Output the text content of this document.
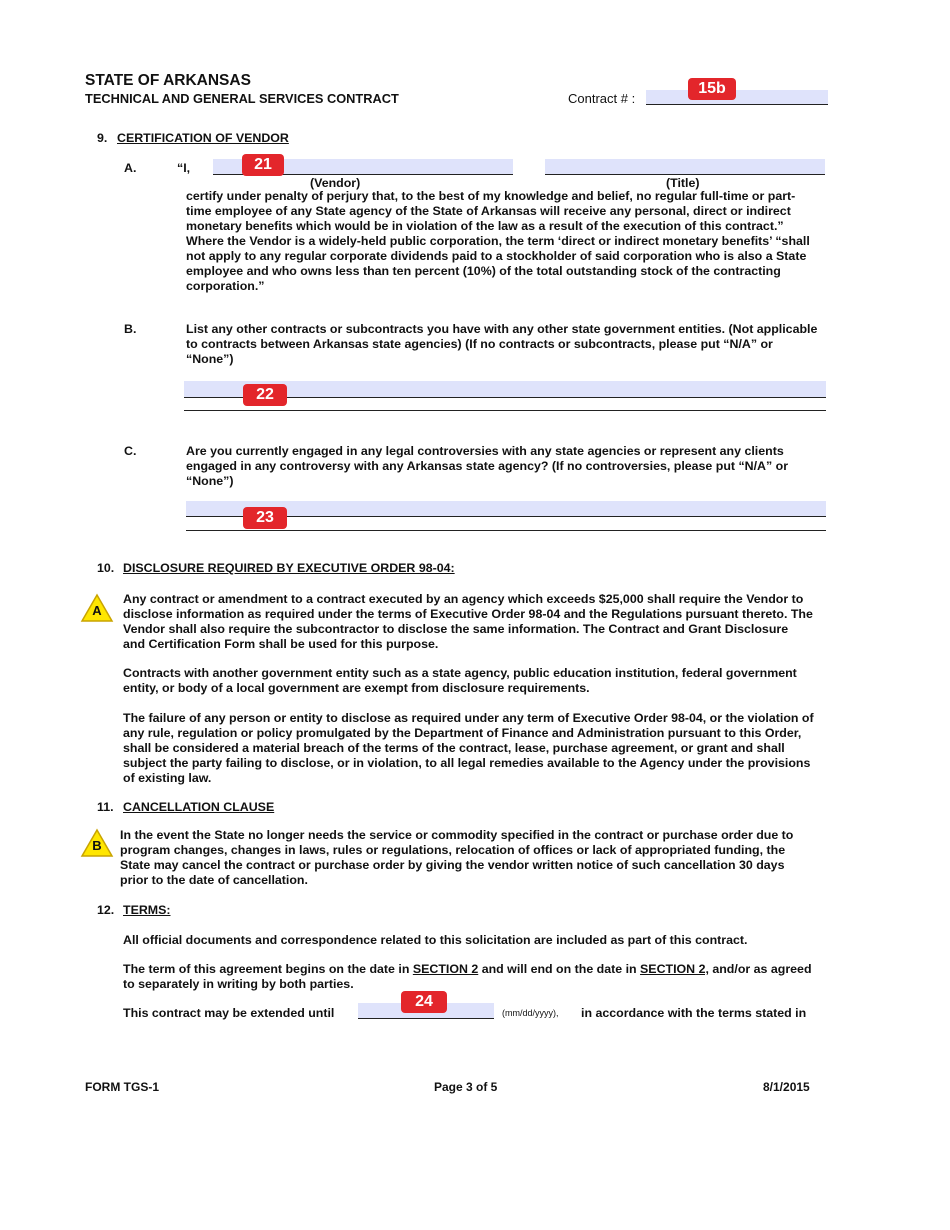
STATE OF ARKANSAS
TECHNICAL AND GENERAL SERVICES CONTRACT	Contract # :
15b
9. CERTIFICATION OF VENDOR
A.	“I,	21
(Vendor)	(Title)
certify under penalty of perjury that, to the best of my knowledge and belief, no regular full-time or part-
time employee of any State agency of the State of Arkansas will receive any personal, direct or indirect
monetary benefits which would be in violation of the law as a result of the execution of this contract.”
Where the Vendor is a widely-held public corporation, the term ‘direct or indirect monetary benefits’ “shall
not apply to any regular corporate dividends paid to a stockholder of said corporation who is also a State
employee and who owns less than ten percent (10%) of the total outstanding stock of the contracting
corporation.”
B.	List any other contracts or subcontracts you have with any other state government entities. (Not applicable
to contracts between Arkansas state agencies) (If no contracts or subcontracts, please put “N/A” or
“None”)
22
C.	Are you currently engaged in any legal controversies with any state agencies or represent any clients
engaged in any controversy with any Arkansas state agency? (If no controversies, please put “N/A” or
“None”)
23
10. DISCLOSURE REQUIRED BY EXECUTIVE ORDER 98-04:
A
Any contract or amendment to a contract executed by an agency which exceeds $25,000 shall require the Vendor to
disclose information as required under the terms of Executive Order 98-04 and the Regulations pursuant thereto. The
Vendor shall also require the subcontractor to disclose the same information. The Contract and Grant Disclosure
and Certification Form shall be used for this purpose.
Contracts with another government entity such as a state agency, public education institution, federal government
entity, or body of a local government are exempt from disclosure requirements.
The failure of any person or entity to disclose as required under any term of Executive Order 98-04, or the violation of
any rule, regulation or policy promulgated by the Department of Finance and Administration pursuant to this Order,
shall be considered a material breach of the terms of the contract, lease, purchase agreement, or grant and shall
subject the party failing to disclose, or in violation, to all legal remedies available to the Agency under the provisions
of existing law.
11. CANCELLATION CLAUSE
B
In the event the State no longer needs the service or commodity specified in the contract or purchase order due to
program changes, changes in laws, rules or regulations, relocation of offices or lack of appropriated funding, the
State may cancel the contract or purchase order by giving the vendor written notice of such cancellation 30 days
prior to the date of cancellation.
12. TERMS:
All official documents and correspondence related to this solicitation are included as part of this contract.
The term of this agreement begins on the date in SECTION 2 and will end on the date in SECTION 2, and/or as agreed
to separately in writing by both parties.
This contract may be extended until
24
(mm/dd/yyyy), in accordance with the terms stated in
FORM TGS-1	Page 3 of 5	8/1/2015
